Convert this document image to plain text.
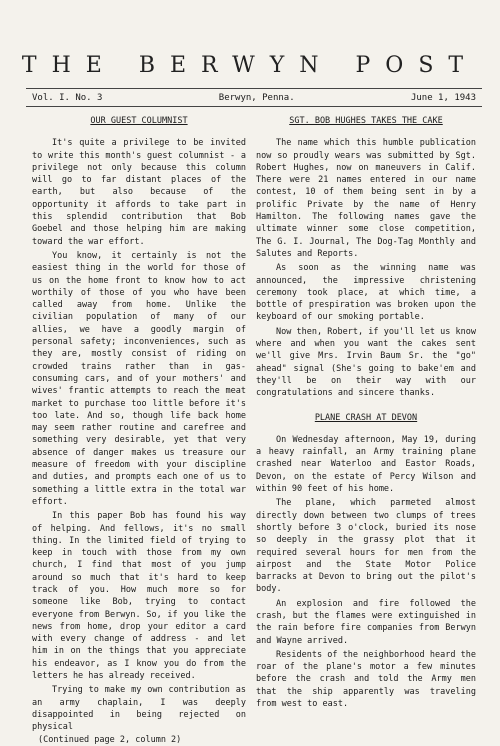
THE BERWYN POST
Vol. I. No. 3	Berwyn, Penna.	June 1, 1943
OUR GUEST COLUMNIST

It's quite a privilege to be invited to write this month's guest columnist - a privilege not only because this column will go to far distant places of the earth, but also because of the opportunity it affords to take part in this splendid contribution that Bob Goebel and those helping him are making toward the war effort.

You know, it certainly is not the easiest thing in the world for those of us on the home front to know how to act worthily of those of you who have been called away from home. Unlike the civilian population of many of our allies, we have a goodly margin of personal safety; inconveniences, such as they are, mostly consist of riding on crowded trains rather than in gas-consuming cars, and of your mothers' and wives' frantic attempts to reach the meat market to purchase too little before it's too late. And so, though life back home may seem rather routine and carefree and something very desirable, yet that very absence of danger makes us treasure our measure of freedom with your discipline and duties, and prompts each one of us to something a little extra in the total war effort.

In this paper Bob has found his way of helping. And fellows, it's no small thing. In the limited field of trying to keep in touch with those from my own church, I find that most of you jump around so much that it's hard to keep track of you. How much more so for someone like Bob, trying to contact everyone from Berwyn. So, if you like the news from home, drop your editor a card with every change of address - and let him in on the things that you appreciate his endeavor, as I know you do from the letters he has already received.

Trying to make my own contribution as an army chaplain, I was deeply disappointed in being rejected on physical

(Continued page 2, column 2)

SGT. BOB HUGHES TAKES THE CAKE

The name which this humble publication now so proudly wears was submitted by Sgt. Robert Hughes, now on maneuvers in Calif. There were 21 names entered in our name contest, 10 of them being sent in by a prolific Private by the name of Henry Hamilton. The following names gave the ultimate winner some close competition, The G. I. Journal, The Dog-Tag Monthly and Salutes and Reports.

As soon as the winning name was announced, the impressive christening ceremony took place, at which time, a bottle of prespiration was broken upon the keyboard of our smoking portable.

Now then, Robert, if you'll let us know where and when you want the cakes sent we'll give Mrs. Irvin Baum Sr. the "go" ahead" signal (She's going to bake'em and they'll be on their way with our congratulations and sincere thanks.

PLANE CRASH AT DEVON

On Wednesday afternoon, May 19, during a heavy rainfall, an Army training plane crashed near Waterloo and Eastor Roads, Devon, on the estate of Percy Wilson and within 90 feet of his home.

The plane, which parmeted almost directly down between two clumps of trees shortly before 3 o'clock, buried its nose so deeply in the grassy plot that it required several hours for men from the airpost and the State Motor Police barracks at Devon to bring out the pilot's body.

An explosion and fire followed the crash, but the flames were extinguished in the rain before fire companies from Berwyn and Wayne arrived.

Residents of the neighborhood heard the roar of the plane's motor a few minutes before the crash and told the Army men that the ship apparently was traveling from west to east.
